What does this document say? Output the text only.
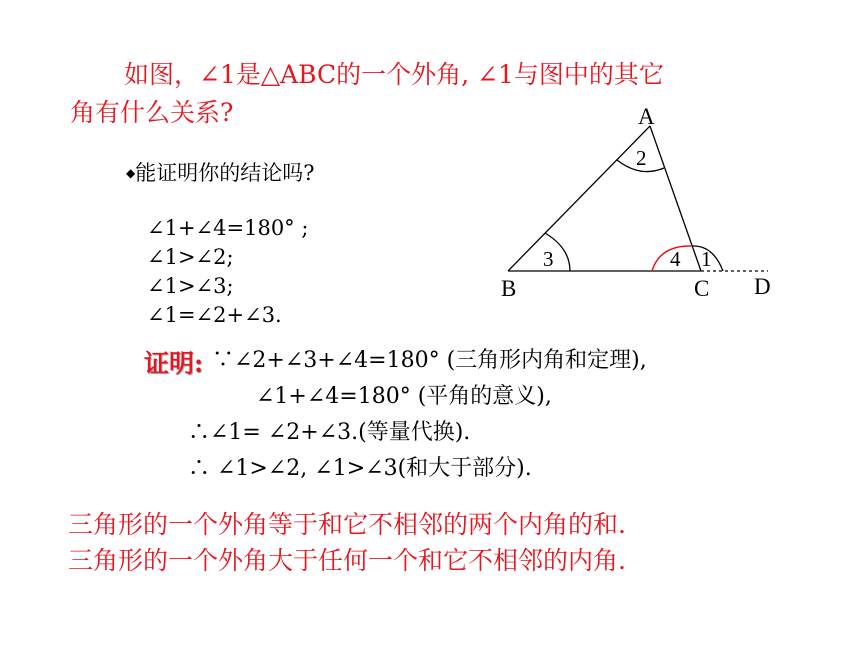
如图，∠1是△ABC的一个外角, ∠1与图中的其它
角有什么关系?
◆能证明你的结论吗?
∠1+∠4=180° ;
∠1>∠2;
∠1>∠3;
∠1=∠2+∠3.
证明: ∵∠2+∠3+∠4=180° (三角形内角和定理),
∠1+∠4=180° (平角的意义),
∴∠1= ∠2+∠3.(等量代换).
∴ ∠1>∠2, ∠1>∠3(和大于部分).
三角形的一个外角等于和它不相邻的两个内角的和.
三角形的一个外角大于任何一个和它不相邻的内角.
A
B	C D
2
3	4 1
